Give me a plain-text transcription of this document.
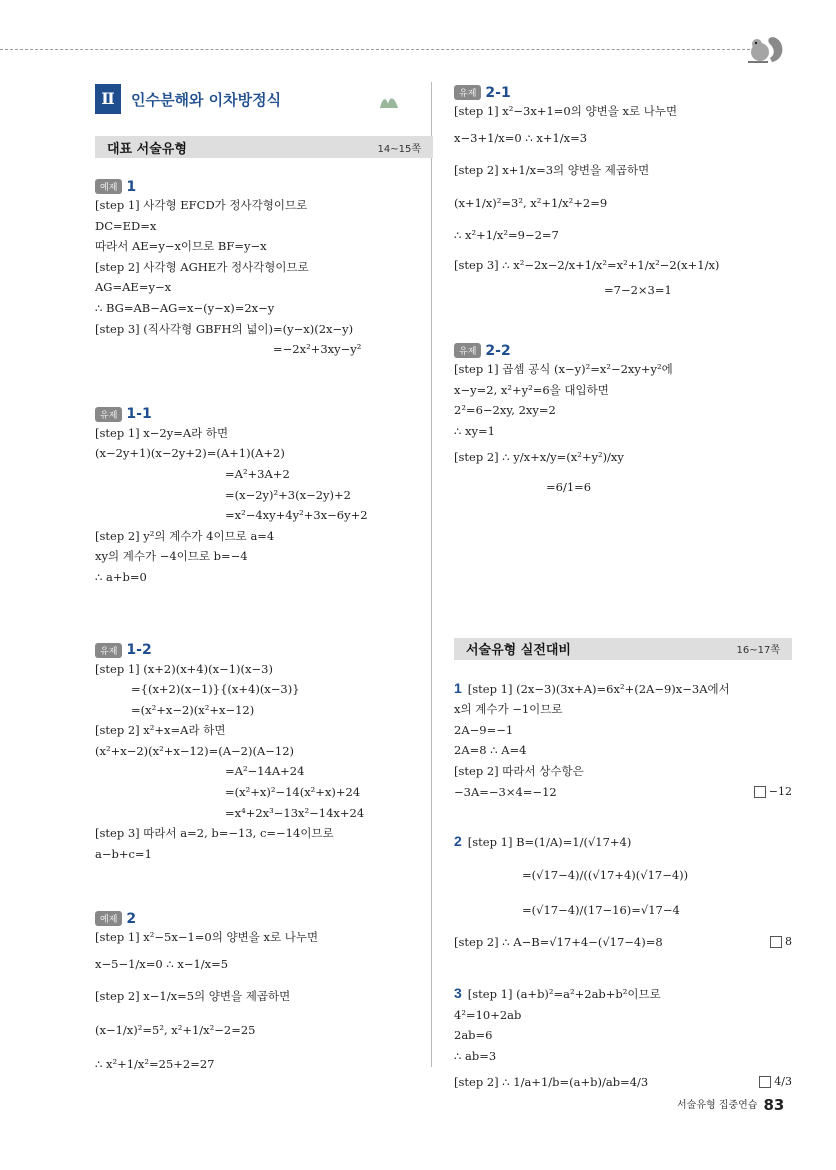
Ⅱ	인수분해와 이차방정식
대표 서술유형	14~15쪽
예제 1
[step 1] 사각형 EFCD가 정사각형이므로
DC=ED=x
따라서 AE=y−x이므로 BF=y−x
[step 2] 사각형 AGHE가 정사각형이므로
AG=AE=y−x
∴ BG=AB−AG=x−(y−x)=2x−y
[step 3] (직사각형 GBFH의 넓이)=(y−x)(2x−y)
=−2x²+3xy−y²
유제 1-1
[step 1] x−2y=A라 하면
(x−2y+1)(x−2y+2)=(A+1)(A+2)
=A²+3A+2
=(x−2y)²+3(x−2y)+2
=x²−4xy+4y²+3x−6y+2
[step 2] y²의 계수가 4이므로 a=4
xy의 계수가 −4이므로 b=−4
∴ a+b=0
유제 1-2
[step 1] (x+2)(x+4)(x−1)(x−3)
={(x+2)(x−1)}{(x+4)(x−3)}
=(x²+x−2)(x²+x−12)
[step 2] x²+x=A라 하면
(x²+x−2)(x²+x−12)=(A−2)(A−12)
=A²−14A+24
=(x²+x)²−14(x²+x)+24
=x⁴+2x³−13x²−14x+24
[step 3] 따라서 a=2, b=−13, c=−14이므로
a−b+c=1
예제 2
[step 1] x²−5x−1=0의 양변을 x로 나누면
x−5−1/x=0 ∴ x−1/x=5
[step 2] x−1/x=5의 양변을 제곱하면
(x−1/x)²=5², x²+1/x²−2=25
∴ x²+1/x²=25+2=27
유제 2-1
[step 1] x²−3x+1=0의 양변을 x로 나누면
x−3+1/x=0 ∴ x+1/x=3
[step 2] x+1/x=3의 양변을 제곱하면
(x+1/x)²=3², x²+1/x²+2=9
∴ x²+1/x²=9−2=7
[step 3] ∴ x²−2x−2/x+1/x²=x²+1/x²−2(x+1/x)
=7−2×3=1
유제 2-2
[step 1] 곱셈 공식 (x−y)²=x²−2xy+y²에
x−y=2, x²+y²=6을 대입하면
2²=6−2xy, 2xy=2
∴ xy=1
[step 2] ∴ y/x+x/y=(x²+y²)/xy
=6/1=6
서술유형 실전대비	16~17쪽
1 [step 1] (2x−3)(3x+A)=6x²+(2A−9)x−3A에서
x의 계수가 −1이므로
2A−9=−1
2A=8 ∴ A=4
[step 2] 따라서 상수항은
−3A=−3×4=−12	−12
2 [step 1] B=(1/A)=1/(√17+4)
=(√17−4)/((√17+4)(√17−4))
=(√17−4)/(17−16)=√17−4
[step 2] ∴ A−B=√17+4−(√17−4)=8	8
3 [step 1] (a+b)²=a²+2ab+b²이므로
4²=10+2ab
2ab=6
∴ ab=3
[step 2] ∴ 1/a+1/b=(a+b)/ab=4/3	4/3
서술유형 집중연습 83
